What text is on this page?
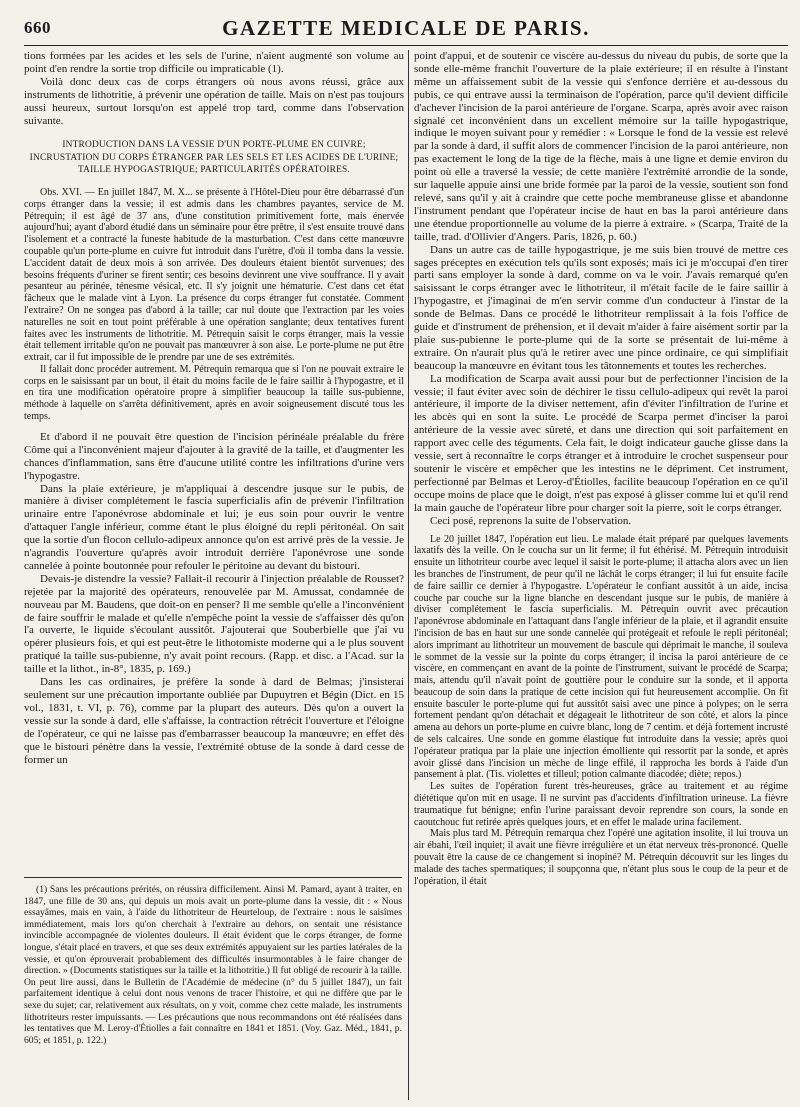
660	GAZETTE MEDICALE DE PARIS.

tions formées par les acides et les sels de l'urine, n'aient augmenté son volume au point d'en rendre la sortie trop difficile ou impraticable (1).

Voilà donc deux cas de corps étrangers où nous avons réussi, grâce aux instruments de lithotritie, à prévenir une opération de taille. Mais on n'est pas toujours aussi heureux, surtout lorsqu'on est appelé trop tard, comme dans l'observation suivante.

INTRODUCTION DANS LA VESSIE D'UN PORTE-PLUME EN CUIVRE; INCRUSTATION DU CORPS ÉTRANGER PAR LES SELS ET LES ACIDES DE L'URINE; TAILLE HYPOGASTRIQUE; PARTICULARITÉS OPÉRATOIRES.

Obs. XVI. — En juillet 1847, M. X... se présente à l'Hôtel-Dieu pour être débarrassé d'un corps étranger dans la vessie; il est admis dans les chambres payantes, service de M. Pétrequin; il est âgé de 37 ans, d'une constitution primitivement forte, mais énervée aujourd'hui; ayant d'abord étudié dans un séminaire pour être prêtre, il s'est ensuite trouvé dans l'isolement et a contracté la funeste habitude de la masturbation. C'est dans cette manœuvre coupable qu'un porte-plume en cuivre fut introduit dans l'urètre, d'où il tomba dans la vessie. L'accident datait de deux mois à son arrivée. Des douleurs étaient bientôt survenues; des besoins fréquents d'uriner se firent sentir; ces besoins devinrent une vive souffrance. Il y avait pesanteur au périnée, ténesme vésical, etc. Il s'y joignit une hématurie. C'est dans cet état fâcheux que le malade vint à Lyon. La présence du corps étranger fut constatée. Comment l'extraire? On ne songea pas d'abord à la taille; car nul doute que l'extraction par les voies naturelles ne soit en tout point préférable à une opération sanglante; deux tentatives furent faites avec les instruments de lithotritie. M. Pétrequin saisit le corps étranger, mais la vessie était tellement irritable qu'on ne pouvait pas manœuvrer à son aise. Le porte-plume ne put être extrait, car il fut impossible de le prendre par une de ses extrémités.

Il fallait donc procéder autrement. M. Pétrequin remarqua que si l'on ne pouvait extraire le corps en le saisissant par un bout, il était du moins facile de le faire saillir à l'hypogastre, et il en tira une modification opératoire propre à simplifier beaucoup la taille sus-pubienne, méthode à laquelle on s'arrêta définitivement, après en avoir soigneusement discuté tous les temps.

Et d'abord il ne pouvait être question de l'incision périnéale préalable du frère Côme qui a l'inconvénient majeur d'ajouter à la gravité de la taille, et d'augmenter les chances d'inflammation, sans être d'aucune utilité contre les infiltrations d'urine vers l'hypogastre.

Dans la plaie extérieure, je m'appliquai à descendre jusque sur le pubis, de manière à diviser complétement le fascia superficialis afin de prévenir l'infiltration urinaire entre l'aponévrose abdominale et lui; je eus soin pour ouvrir le ventre d'attaquer l'angle inférieur, comme étant le plus éloigné du repli péritonéal. On sait que la sortie d'un flocon cellulo-adipeux annonce qu'on est arrivé près de la vessie. Je n'agrandis l'ouverture qu'après avoir introduit derrière l'aponévrose une sonde cannelée à pointe boutonnée pour refouler le péritoine au devant du bistouri.

Devais-je distendre la vessie? Fallait-il recourir à l'injection préalable de Rousset? rejetée par la majorité des opérateurs, renouvelée par M. Amussat, condamnée de nouveau par M. Baudens, que doit-on en penser? Il me semble qu'elle a l'inconvénient de faire souffrir le malade et qu'elle n'empêche point la vessie de s'affaisser dès qu'on l'a ouverte, le liquide s'écoulant aussitôt. J'ajouterai que Souberbielle que j'ai vu opérer plusieurs fois, et qui est peut-être le lithotomiste moderne qui a le plus souvent pratiqué la taille sus-pubienne, n'y avait point recours. (Rapp. et disc. a l'Acad. sur la taille et la lithot., in-8°, 1835, p. 169.)

Dans les cas ordinaires, je préfère la sonde à dard de Belmas; j'insisterai seulement sur une précaution importante oubliée par Dupuytren et Bégin (Dict. en 15 vol., 1831, t. VI, p. 76), comme par la plupart des auteurs. Dès qu'on a ouvert la vessie sur la sonde à dard, elle s'affaisse, la contraction rétrécit l'ouverture et l'éloigne de l'opérateur, ce qui ne laisse pas d'embarrasser beaucoup la manœuvre; en effet dès que le bistouri pénètre dans la vessie, l'extrémité obtuse de la sonde à dard cesse de former un

(1) Sans les précautions prérités, on réussira difficilement. Ainsi M. Pamard, ayant à traiter, en 1847, une fille de 30 ans, qui depuis un mois avait un porte-plume dans la vessie, dit : « Nous essayâmes, mais en vain, à l'aide du lithotriteur de Heurteloup, de l'extraire : nous le saisîmes immédiatement, mais lors qu'on cherchait à l'extraire au dehors, on sentait une résistance invincible accompagnée de violentes douleurs. Il était évident que le corps étranger, de forme longue, s'était placé en travers, et que ses deux extrémités appuyaient sur les parties latérales de la vessie, et qu'on éprouverait probablement des difficultés insurmontables à le faire changer de direction. » (Documents statistiques sur la taille et la lithotritie.) Il fut obligé de recourir à la taille. On peut lire aussi, dans le Bulletin de l'Académie de médecine (n° du 5 juillet 1847), un fait parfaitement identique à celui dont nous venons de tracer l'histoire, et qui ne diffère que par le sexe du sujet; car, relativement aux résultats, on y voit, comme chez cette malade, les instruments lithotriteurs rester impuissants. — Les précautions que nous recommandons ont été réalisées dans les tentatives que M. Leroy-d'Étiolles a fait connaître en 1841 et 1851. (Voy. Gaz. Méd., 1841, p. 605; et 1851, p. 122.)

point d'appui, et de soutenir ce viscère au-dessus du niveau du pubis, de sorte que la sonde elle-même franchit l'ouverture de la plaie extérieure; il en résulte à l'instant même un affaissement subit de la vessie qui s'enfonce derrière et au-dessous du pubis, ce qui entrave aussi la terminaison de l'opération, parce qu'il devient difficile d'achever l'incision de la paroi antérieure de l'organe. Scarpa, après avoir avec raison signalé cet inconvénient dans un excellent mémoire sur la taille hypogastrique, indique le moyen suivant pour y remédier : « Lorsque le fond de la vessie est relevé par la sonde à dard, il suffit alors de commencer l'incision de la paroi antérieure, non pas exactement le long de la tige de la flèche, mais à une ligne et demie environ du point où elle a traversé la vessie; de cette manière l'extrémité arrondie de la sonde, sur laquelle appuie ainsi une bride formée par la paroi de la vessie, soutient son fond relevé, sans qu'il y ait à craindre que cette poche membraneuse glisse et abandonne l'instrument pendant que l'opérateur incise de haut en bas la paroi antérieure dans une étendue proportionnelle au volume de la pierre à extraire. » (Scarpa, Traité de la taille, trad. d'Ollivier d'Angers. Paris, 1826, p. 60.)

Dans un autre cas de taille hypogastrique, je me suis bien trouvé de mettre ces sages préceptes en exécution tels qu'ils sont exposés; mais ici je m'occupai d'en tirer parti sans employer la sonde à dard, comme on va le voir. J'avais remarqué qu'en saisissant le corps étranger avec le lithotriteur, il m'était facile de le faire saillir à l'hypogastre, et j'imaginai de m'en servir comme d'un conducteur à l'instar de la sonde de Belmas. Dans ce procédé le lithotriteur remplissait à la fois l'office de guide et d'instrument de préhension, et il devait m'aider à faire aisément sortir par la plaie sus-pubienne le porte-plume qui de la sorte se présentait de lui-même à extraire. On n'aurait plus qu'à le retirer avec une pince ordinaire, ce qui simplifiait beaucoup la manœuvre en évitant tous les tâtonnements et toutes les recherches.

La modification de Scarpa avait aussi pour but de perfectionner l'incision de la vessie; il faut éviter avec soin de déchirer le tissu cellulo-adipeux qui revêt la paroi antérieure, il importe de la diviser nettement, afin d'éviter l'infiltration de l'urine et les abcès qui en sont la suite. Le procédé de Scarpa permet d'inciser la paroi antérieure de la vessie avec sûreté, et dans une direction qui soit parfaitement en rapport avec celle des téguments. Cela fait, le doigt indicateur gauche glisse dans la vessie, sert à reconnaître le corps étranger et à introduire le crochet suspenseur pour soutenir le viscère et empêcher que les intestins ne le dépriment. Cet instrument, perfectionné par Belmas et Leroy-d'Étiolles, facilite beaucoup l'opération en ce qu'il occupe moins de place que le doigt, n'est pas exposé à glisser comme lui et qu'il rend la main gauche de l'opérateur libre pour charger soit la pierre, soit le corps étranger.

Ceci posé, reprenons la suite de l'observation.

Le 20 juillet 1847, l'opération eut lieu. Le malade était préparé par quelques lavements laxatifs dès la veille. On le coucha sur un lit ferme; il fut éthérisé. M. Pétrequin introduisit ensuite un lithotriteur courbe avec lequel il saisit le porte-plume; il attacha alors avec un lien les branches de l'instrument, de peur qu'il ne lâchât le corps étranger; il lui fut ensuite facile de faire saillir ce dernier à l'hypogastre. L'opérateur le confiant aussitôt à un aide, incisa couche par couche sur la ligne blanche en descendant jusque sur le pubis, de manière à diviser complétement le fascia superficialis. M. Pétrequin ouvrit avec précaution l'aponévrose abdominale en l'attaquant dans l'angle inférieur de la plaie, et il agrandit ensuite l'incision de bas en haut sur une sonde cannelée qui protégeait et refoule le repli péritonéal; alors imprimant au lithotriteur un mouvement de bascule qui déprimait le manche, il souleva le sommet de la vessie sur la pointe du corps étranger; il incisa la paroi antérieure de ce viscère, en commençant en avant de la pointe de l'instrument, suivant le procédé de Scarpa; mais, attendu qu'il n'avait point de gouttière pour le conduire sur la sonde, et il apporta beaucoup de soin dans la pratique de cette incision qui fut heureusement accomplie. On fit ensuite basculer le porte-plume qui fut aussitôt saisi avec une pince à polypes; on le serra fortement pendant qu'on détachait et dégageait le lithotriteur de son côté, et alors la pince amena au dehors un porte-plume en cuivre blanc, long de 7 centim. et déjà fortement incrusté de sels calcaires. Une sonde en gomme élastique fut introduite dans la vessie; après quoi l'opérateur pratiqua par la plaie une injection émolliente qui ressortit par la sonde, et après avoir glissé dans l'incision un mèche de linge effilé, il rapprocha les bords à l'aide d'un pansement à plat. (Tis. violettes et tilleul; potion calmante diacodée; diète; repos.)

Les suites de l'opération furent très-heureuses, grâce au traitement et au régime diététique qu'on mit en usage. Il ne survint pas d'accidents d'infiltration urineuse. La fièvre traumatique fut bénigne; enfin l'urine paraissant devoir reprendre son cours, la sonde en caoutchouc fut retirée après quelques jours, et en effet le malade urina facilement.

Mais plus tard M. Pétrequin remarqua chez l'opéré une agitation insolite, il lui trouva un air ébahi, l'œil inquiet; il avait une fièvre irrégulière et un état nerveux très-prononcé. Quelle pouvait être la cause de ce changement si inopiné? M. Pétrequin découvrit sur les linges du malade des taches spermatiques; il soupçonna que, n'étant plus sous le coup de la peur et de l'opération, il était
